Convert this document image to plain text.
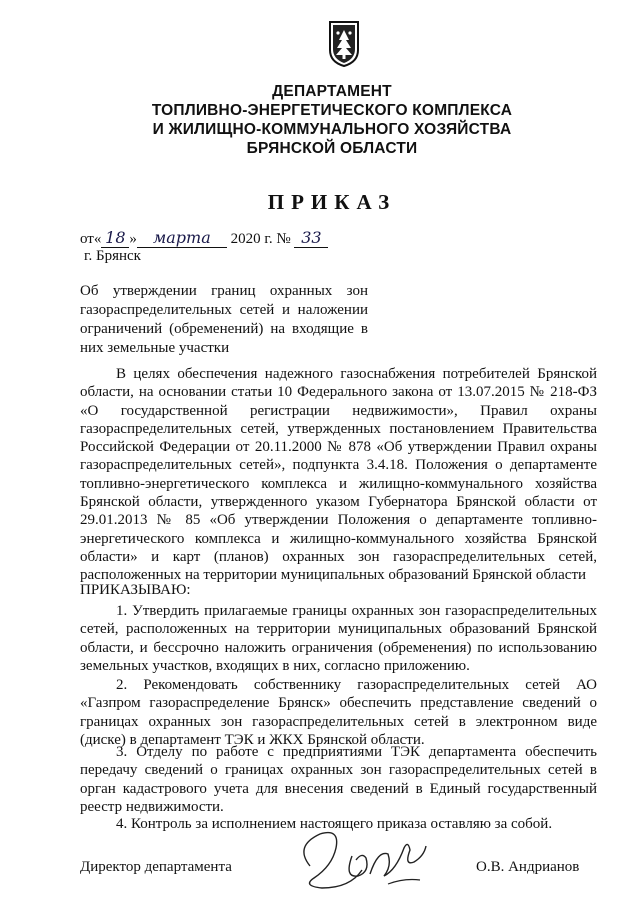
ДЕПАРТАМЕНТ
ТОПЛИВНО-ЭНЕРГЕТИЧЕСКОГО КОМПЛЕКСА
И ЖИЛИЩНО-КОММУНАЛЬНОГО ХОЗЯЙСТВА
БРЯНСКОЙ ОБЛАСТИ
ПРИКАЗ
от« 18 » марта 2020 г. № 33
г. Брянск
Об утверждении границ охранных зон
газораспределительных сетей и наложении
ограничений (обременений) на входящие в
них земельные участки
В целях обеспечения надежного газоснабжения потребителей Брянской области, на основании статьи 10 Федерального закона от 13.07.2015 № 218-ФЗ «О государственной регистрации недвижимости», Правил охраны газораспределительных сетей, утвержденных постановлением Правительства Российской Федерации от 20.11.2000 № 878 «Об утверждении Правил охраны газораспределительных сетей», подпункта 3.4.18. Положения о департаменте топливно-энергетического комплекса и жилищно-коммунального хозяйства Брянской области, утвержденного указом Губернатора Брянской области от 29.01.2013 № 85 «Об утверждении Положения о департаменте топливно-энергетического комплекса и жилищно-коммунального хозяйства Брянской области» и карт (планов) охранных зон газораспределительных сетей, расположенных на территории муниципальных образований Брянской области
ПРИКАЗЫВАЮ:
1. Утвердить прилагаемые границы охранных зон газораспределительных сетей, расположенных на территории муниципальных образований Брянской области, и бессрочно наложить ограничения (обременения) по использованию земельных участков, входящих в них, согласно приложению.
2. Рекомендовать собственнику газораспределительных сетей АО «Газпром газораспределение Брянск» обеспечить представление сведений о границах охранных зон газораспределительных сетей в электронном виде (диске) в департамент ТЭК и ЖКХ Брянской области.
3. Отделу по работе с предприятиями ТЭК департамента обеспечить передачу сведений о границах охранных зон газораспределительных сетей в орган кадастрового учета для внесения сведений в Единый государственный реестр недвижимости.
4. Контроль за исполнением настоящего приказа оставляю за собой.
Директор департамента	О.В. Андрианов
